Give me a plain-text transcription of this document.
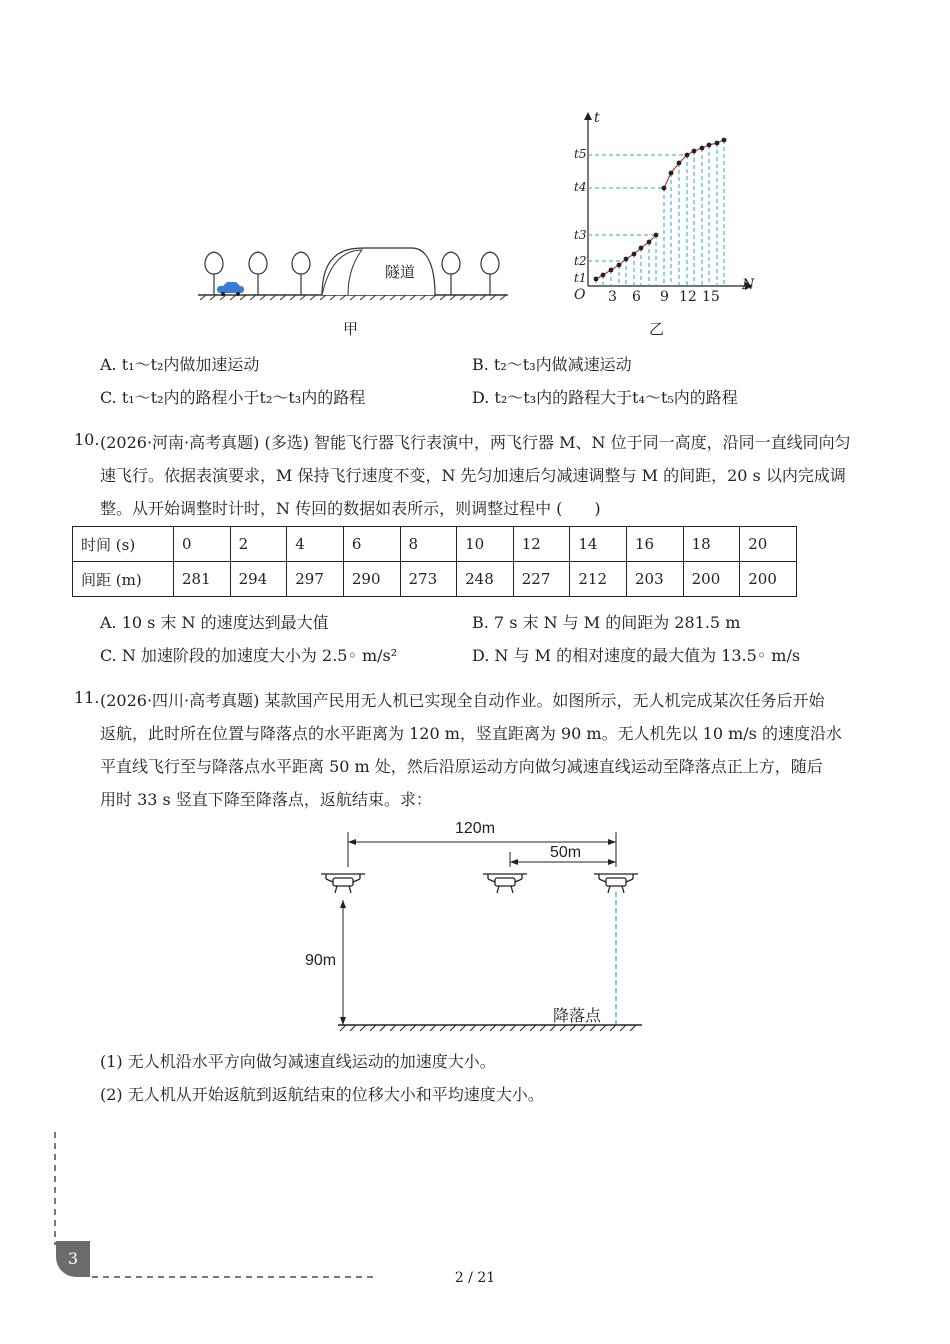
隧道
甲
t
N
O 3 6 9 12 15
t1
t2
t3
t4
t5
乙
A. t₁～t₂内做加速运动	B. t₂～t₃内做减速运动
C. t₁～t₂内的路程小于t₂～t₃内的路程	D. t₂～t₃内的路程大于t₄～t₅内的路程
10. (2026·河南·高考真题) (多选) 智能飞行器飞行表演中，两飞行器 M、N 位于同一高度，沿同一直线同向匀
速飞行。依据表演要求，M 保持飞行速度不变，N 先匀加速后匀减速调整与 M 的间距，20 s 以内完成调
整。从开始调整时计时，N 传回的数据如表所示，则调整过程中 (　　)
时间 (s)	0	2	4	6	8	10	12	14	16	18	20
间距 (m)	281	294	297	290	273	248	227	212	203	200	200
A. 10 s 末 N 的速度达到最大值	B. 7 s 末 N 与 M 的间距为 281.5 m
C. N 加速阶段的加速度大小为 2.5◦ m/s²	D. N 与 M 的相对速度的最大值为 13.5◦ m/s
11. (2026·四川·高考真题) 某款国产民用无人机已实现全自动作业。如图所示，无人机完成某次任务后开始
返航，此时所在位置与降落点的水平距离为 120 m，竖直距离为 90 m。无人机先以 10 m/s 的速度沿水
平直线飞行至与降落点水平距离 50 m 处，然后沿原运动方向做匀减速直线运动至降落点正上方，随后
用时 33 s 竖直下降至降落点，返航结束。求：
120m
50m
90m
降落点
(1) 无人机沿水平方向做匀减速直线运动的加速度大小。
(2) 无人机从开始返航到返航结束的位移大小和平均速度大小。
3
2 / 21
